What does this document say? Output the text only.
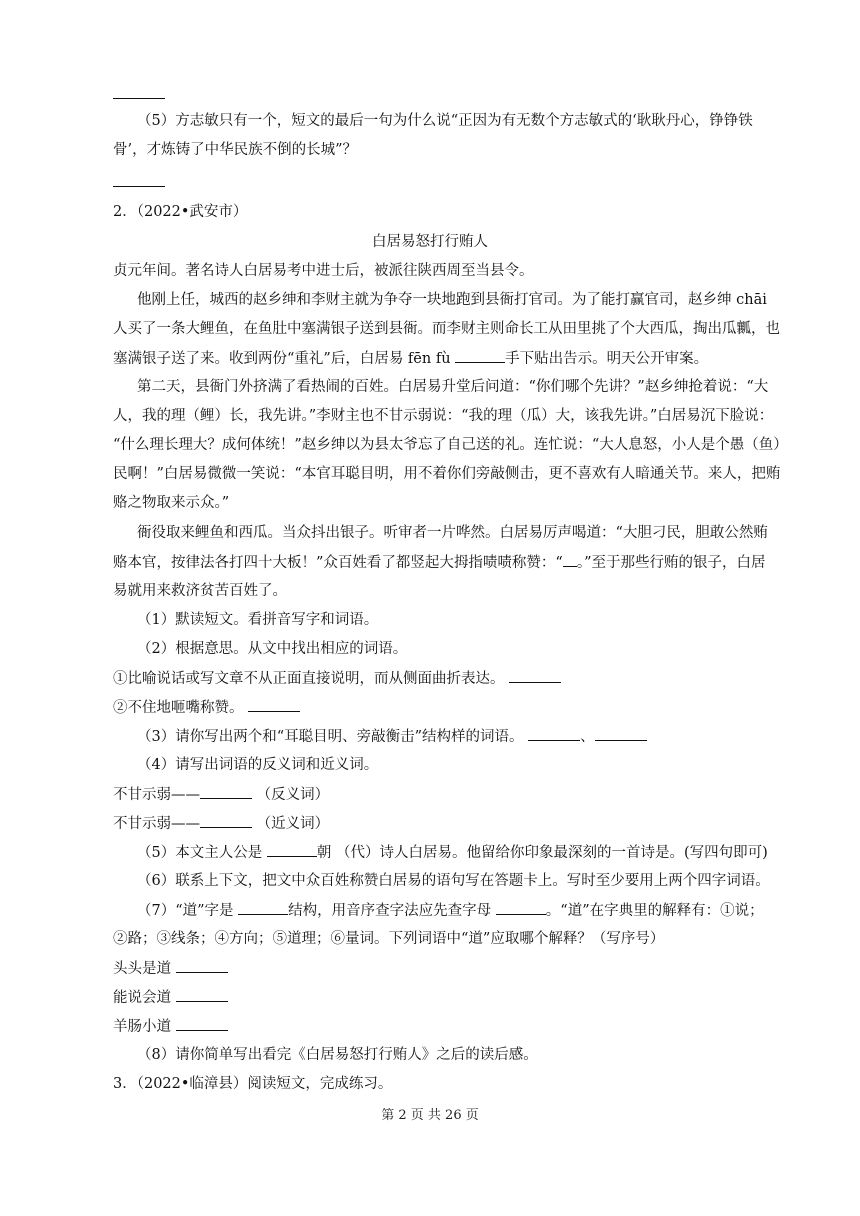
（5）方志敏只有一个，短文的最后一句为什么说“正因为有无数个方志敏式的‘耿耿丹心，铮铮铁
骨’，才炼铸了中华民族不倒的长城”？
2．（2022•武安市）
白居易怒打行贿人
贞元年间。著名诗人白居易考中进士后，被派往陕西周至当县令。
他刚上任，城西的赵乡绅和李财主就为争夺一块地跑到县衙打官司。为了能打赢官司，赵乡绅 chāi
人买了一条大鲤鱼，在鱼肚中塞满银子送到县衙。而李财主则命长工从田里挑了个大西瓜，掏出瓜瓤，也
塞满银子送了来。收到两份“重礼”后，白居易 fēn fù	手下贴出告示。明天公开审案。
第二天，县衙门外挤满了看热闹的百姓。白居易升堂后问道：“你们哪个先讲？”赵乡绅抢着说：“大
人，我的理（鲤）长，我先讲。”李财主也不甘示弱说：“我的理（瓜）大，该我先讲。”白居易沉下脸说：
“什么理长理大？成何体统！”赵乡绅以为县太爷忘了自己送的礼。连忙说：“大人息怒，小人是个愚（鱼）
民啊！”白居易微微一笑说：“本官耳聪目明，用不着你们旁敲侧击，更不喜欢有人暗通关节。来人，把贿
赂之物取来示众。”
衙役取来鲤鱼和西瓜。当众抖出银子。听审者一片哗然。白居易厉声喝道：“大胆刁民，胆敢公然贿
赂本官，按律法各打四十大板！”众百姓看了都竖起大拇指啧啧称赞：“ 。”至于那些行贿的银子，白居
易就用来救济贫苦百姓了。
（1）默读短文。看拼音写字和词语。
（2）根据意思。从文中找出相应的词语。
①比喻说话或写文章不从正面直接说明，而从侧面曲折表达。
②不住地咂嘴称赞。
（3）请你写出两个和“耳聪目明、旁敲衡击”结构样的词语。	、
（4）请写出词语的反义词和近义词。
不甘示弱——	（反义词）
不甘示弱——	（近义词）
（5）本文主人公是	朝 （代）诗人白居易。他留给你印象最深刻的一首诗是。(写四句即可)
（6）联系上下文，把文中众百姓称赞白居易的语句写在答题卡上。写时至少要用上两个四字词语。
（7）“道”字是	结构，用音序查字法应先查字母	。“道”在字典里的解释有：①说；
②路；③线条；④方向；⑤道理；⑥量词。下列词语中“道”应取哪个解释？（写序号）
头头是道
能说会道
羊肠小道
（8）请你简单写出看完《白居易怒打行贿人》之后的读后感。
3．（2022•临漳县）阅读短文，完成练习。
第 2 页 共 26 页
